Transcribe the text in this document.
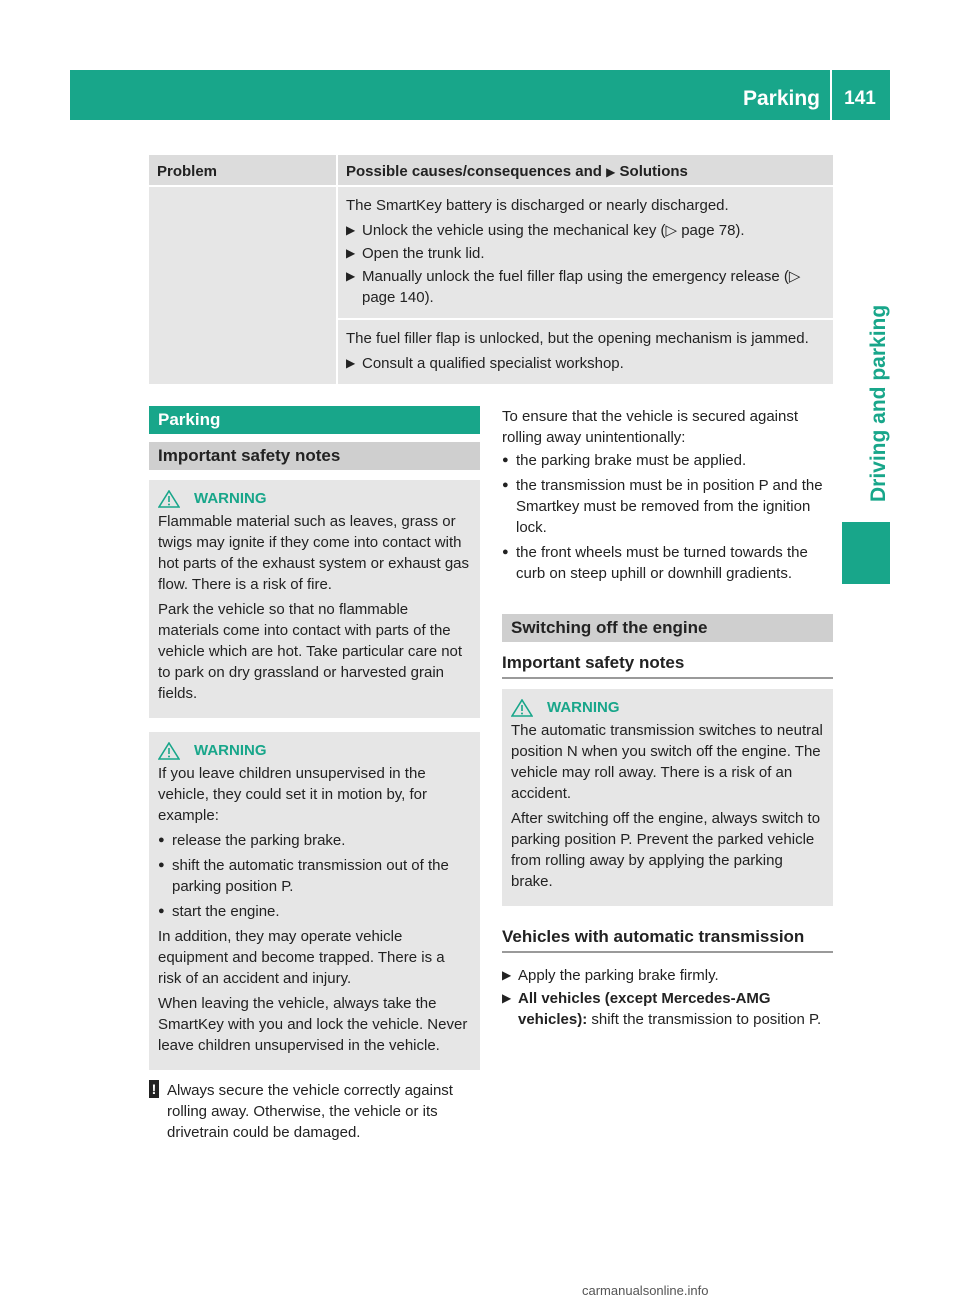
Parking	141
Driving and parking
Problem	Possible causes/consequences and ▶ Solutions

The SmartKey battery is discharged or nearly discharged.

▶ Unlock the vehicle using the mechanical key (▷ page 78).
▶ Open the trunk lid.
▶ Manually unlock the fuel filler flap using the emergency release (▷ page 140).

The fuel filler flap is unlocked, but the opening mechanism is jammed.

▶ Consult a qualified specialist workshop.
Parking
Important safety notes
WARNING

Flammable material such as leaves, grass or twigs may ignite if they come into contact with hot parts of the exhaust system or exhaust gas flow. There is a risk of fire.

Park the vehicle so that no flammable materials come into contact with parts of the vehicle which are hot. Take particular care not to park on dry grassland or harvested grain fields.

WARNING

If you leave children unsupervised in the vehicle, they could set it in motion by, for example:

● release the parking brake.
● shift the automatic transmission out of the parking position P.
● start the engine.

In addition, they may operate vehicle equipment and become trapped. There is a risk of an accident and injury.

When leaving the vehicle, always take the SmartKey with you and lock the vehicle. Never leave children unsupervised in the vehicle.

! Always secure the vehicle correctly against rolling away. Otherwise, the vehicle or its drivetrain could be damaged.

To ensure that the vehicle is secured against rolling away unintentionally:

● the parking brake must be applied.
● the transmission must be in position P and the Smartkey must be removed from the ignition lock.
● the front wheels must be turned towards the curb on steep uphill or downhill gradients.
Switching off the engine
Important safety notes
WARNING

The automatic transmission switches to neutral position N when you switch off the engine. The vehicle may roll away. There is a risk of an accident.

After switching off the engine, always switch to parking position P. Prevent the parked vehicle from rolling away by applying the parking brake.

Vehicles with automatic transmission
▶ Apply the parking brake firmly.
▶ All vehicles (except Mercedes-AMG vehicles): shift the transmission to position P.
carmanualsonline.info
